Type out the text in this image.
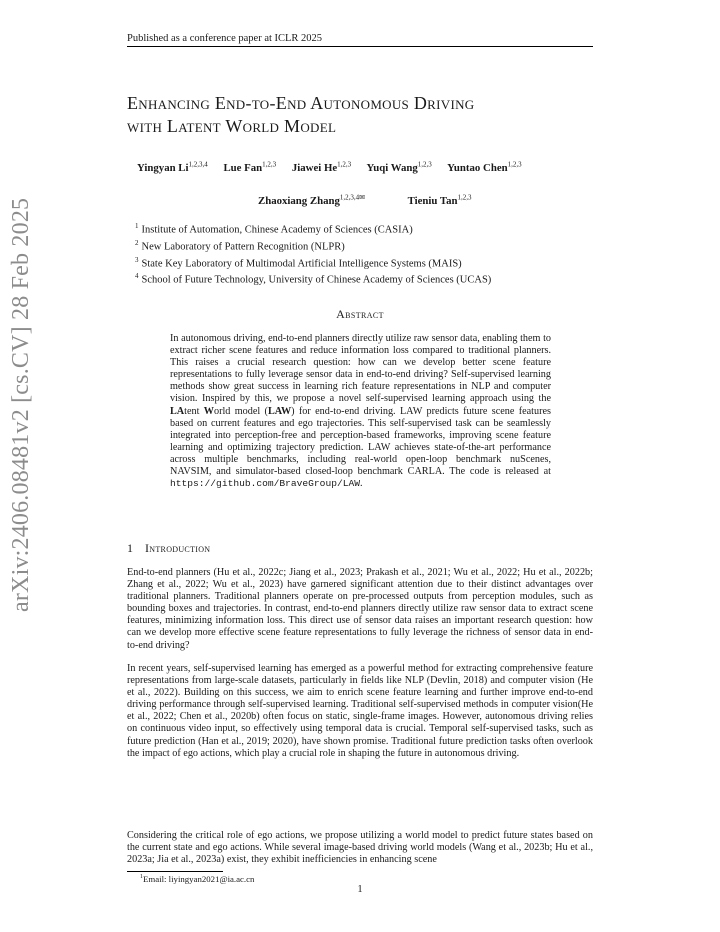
Published as a conference paper at ICLR 2025
arXiv:2406.08481v2 [cs.CV] 28 Feb 2025
Enhancing End-to-End Autonomous Driving
with Latent World Model
Yingyan Li$^{1,2,3,4}$ Lue Fan$^{1,2,3}$ Jiawei He$^{1,2,3}$ Yuqi Wang$^{1,2,3}$ Yuntao Chen$^{1,2,3}$
Zhaoxiang Zhang$^{1,2,3,4✉}$	Tieniu Tan$^{1,2,3}$
$^1$ Institute of Automation, Chinese Academy of Sciences (CASIA)
$^2$ New Laboratory of Pattern Recognition (NLPR)
$^3$ State Key Laboratory of Multimodal Artificial Intelligence Systems (MAIS)
$^4$ School of Future Technology, University of Chinese Academy of Sciences (UCAS)
Abstract
In autonomous driving, end-to-end planners directly utilize raw sensor data, enabling them to extract richer scene features and reduce information loss compared to traditional planners. This raises a crucial research question: how can we develop better scene feature representations to fully leverage sensor data in end-to-end driving? Self-supervised learning methods show great success in learning rich feature representations in NLP and computer vision. Inspired by this, we propose a novel self-supervised learning approach using the LAtent World model (LAW) for end-to-end driving. LAW predicts future scene features based on current features and ego trajectories. This self-supervised task can be seamlessly integrated into perception-free and perception-based frameworks, improving scene feature learning and optimizing trajectory prediction. LAW achieves state-of-the-art performance across multiple benchmarks, including real-world open-loop benchmark nuScenes, NAVSIM, and simulator-based closed-loop benchmark CARLA. The code is released at https://github.com/BraveGroup/LAW.
1 Introduction

End-to-end planners (Hu et al., 2022c; Jiang et al., 2023; Prakash et al., 2021; Wu et al., 2022; Hu et al., 2022b; Zhang et al., 2022; Wu et al., 2023) have garnered significant attention due to their distinct advantages over traditional planners. Traditional planners operate on pre-processed outputs from perception modules, such as bounding boxes and trajectories. In contrast, end-to-end planners directly utilize raw sensor data to extract scene features, minimizing information loss. This direct use of sensor data raises an important research question: how can we develop more effective scene feature representations to fully leverage the richness of sensor data in end-to-end driving?

In recent years, self-supervised learning has emerged as a powerful method for extracting comprehensive feature representations from large-scale datasets, particularly in fields like NLP (Devlin, 2018) and computer vision (He et al., 2022). Building on this success, we aim to enrich scene feature learning and further improve end-to-end driving performance through self-supervised learning. Traditional self-supervised methods in computer vision(He et al., 2022; Chen et al., 2020b) often focus on static, single-frame images. However, autonomous driving relies on continuous video input, so effectively using temporal data is crucial. Temporal self-supervised tasks, such as future prediction (Han et al., 2019; 2020), have shown promise. Traditional future prediction tasks often overlook the impact of ego actions, which play a crucial role in shaping the future in autonomous driving.

Considering the critical role of ego actions, we propose utilizing a world model to predict future states based on the current state and ego actions. While several image-based driving world models (Wang et al., 2023b; Hu et al., 2023a; Jia et al., 2023a) exist, they exhibit inefficiencies in enhancing scene

$^1$Email: liyingyan2021@ia.ac.cn
1
